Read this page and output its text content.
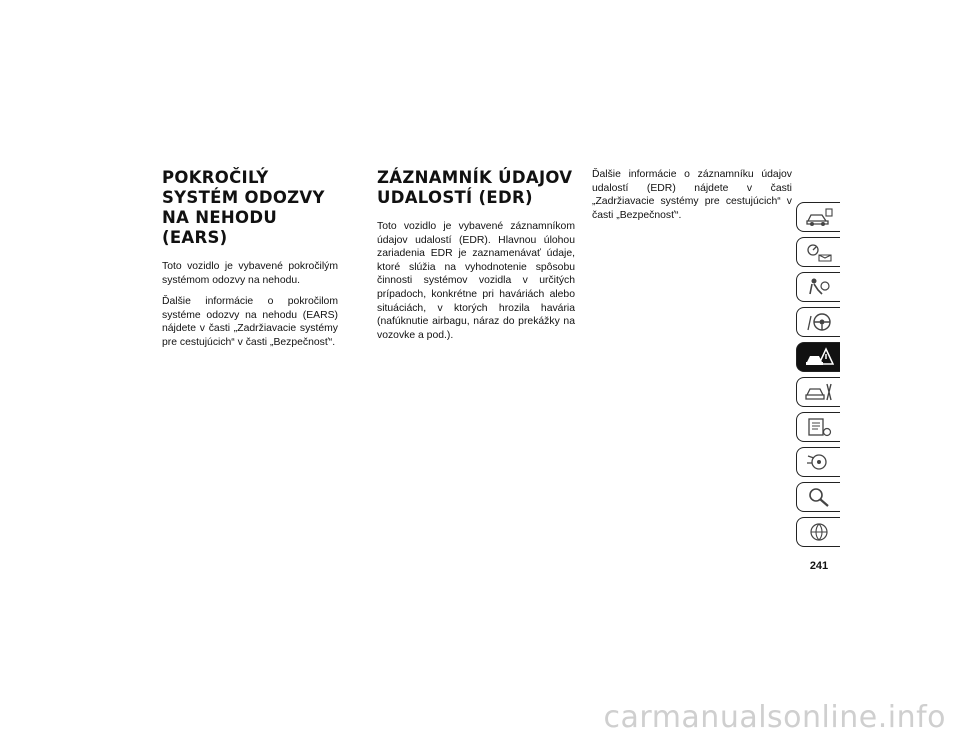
POKROČILÝ SYSTÉM ODOZVY NA NEHODU (EARS)

Toto vozidlo je vybavené pokročilým systémom odozvy na nehodu.

Ďalšie informácie o pokročilom systéme odozvy na nehodu (EARS) nájdete v časti „Zadržiavacie systémy pre cestujúcich“ v časti „Bezpečnosť“.

ZÁZNAMNÍK ÚDAJOV UDALOSTÍ (EDR)

Toto vozidlo je vybavené záznamníkom údajov udalostí (EDR). Hlavnou úlohou zariadenia EDR je zaznamenávať údaje, ktoré slúžia na vyhodnotenie spôsobu činnosti systémov vozidla v určitých prípadoch, konkrétne pri haváriách alebo situáciách, v ktorých hrozila havária (nafúknutie airbagu, náraz do prekážky na vozovke a pod.).

Ďalšie informácie o záznamníku údajov udalostí (EDR) nájdete v časti „Zadržiavacie systémy pre cestujúcich“ v časti „Bezpečnosť“.

241
carmanualsonline.info
